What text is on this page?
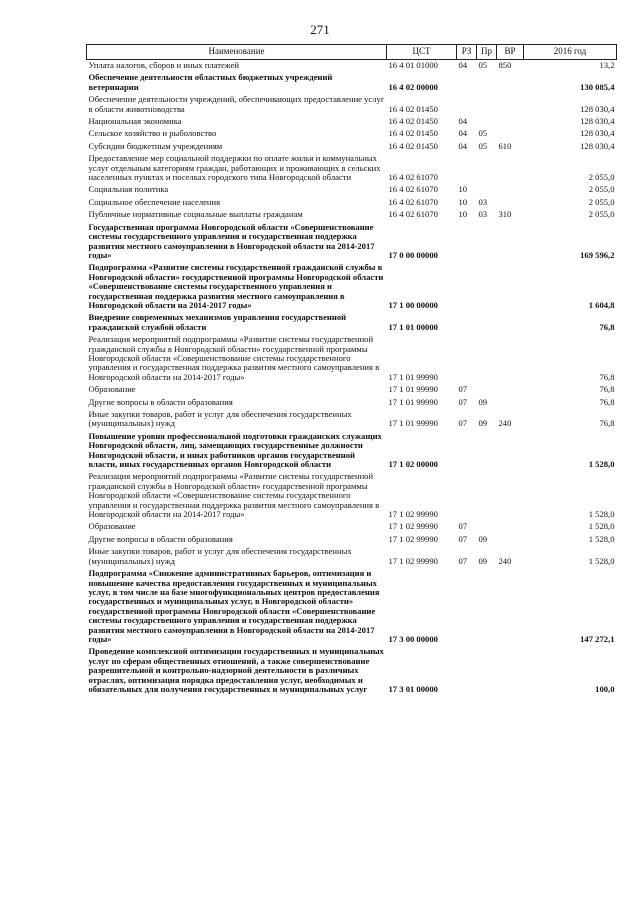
271
Наименование	ЦСТ	РЗ	Пр	ВР	2016 год
Уплата налогов, сборов и иных платежей	16 4 01 01000	04	05	850	13,2
Обеспечение деятельности областных бюджетных учреждений ветеринарии	16 4 02 00000				130 085,4
Обеспечение деятельности учреждений, обеспечивающих предоставление услуг в области животноводства	16 4 02 01450				128 030,4
Национальная экономика	16 4 02 01450	04			128 030,4
Сельское хозяйство и рыболовство	16 4 02 01450	04	05		128 030,4
Субсидии бюджетным учреждениям	16 4 02 01450	04	05	610	128 030,4
Предоставление мер социальной поддержки по оплате жилья и коммунальных услуг отдельным категориям граждан, работающих и проживающих в сельских населенных пунктах и поселках городского типа Новгородской области	16 4 02 61070				2 055,0
Социальная политика	16 4 02 61070	10			2 055,0
Социальное обеспечение населения	16 4 02 61070	10	03		2 055,0
Публичные нормативные социальные выплаты гражданам	16 4 02 61070	10	03	310	2 055,0
Государственная программа Новгородской области «Совершенствование системы государственного управления и государственная поддержка развития местного самоуправления в Новгородской области на 2014-2017 годы»	17 0 00 00000				169 596,2
Подпрограмма «Развитие системы государственной гражданской службы в Новгородской области» государственной программы Новгородской области «Совершенствование системы государственного управления и государственная поддержка развития местного самоуправления в Новгородской области на 2014-2017 годы»	17 1 00 00000				1 604,8
Внедрение современных механизмов управления государственной гражданской службой области	17 1 01 00000				76,8
Реализация мероприятий подпрограммы «Развитие системы государственной гражданской службы в Новгородской области» государственной программы Новгородской области «Совершенствование системы государственного управления и государственная поддержка развития местного самоуправления в Новгородской области на 2014-2017 годы»	17 1 01 99990				76,8
Образование	17 1 01 99990	07			76,8
Другие вопросы в области образования	17 1 01 99990	07	09		76,8
Иные закупки товаров, работ и услуг для обеспечения государственных (муниципальных) нужд	17 1 01 99990	07	09	240	76,8
Повышение уровня профессиональной подготовки гражданских служащих Новгородской области, лиц, замещающих государственные должности Новгородской области, и иных работников органов государственной власти, иных государственных органов Новгородской области	17 1 02 00000				1 528,0
Реализация мероприятий подпрограммы «Развитие системы государственной гражданской службы в Новгородской области» государственной программы Новгородской области «Совершенствование системы государственного управления и государственная поддержка развития местного самоуправления в Новгородской области на 2014-2017 годы»	17 1 02 99990				1 528,0
Образование	17 1 02 99990	07			1 528,0
Другие вопросы в области образования	17 1 02 99990	07	09		1 528,0
Иные закупки товаров, работ и услуг для обеспечения государственных (муниципальных) нужд	17 1 02 99990	07	09	240	1 528,0
Подпрограмма «Снижение административных барьеров, оптимизация и повышение качества предоставления государственных и муниципальных услуг, в том числе на базе многофункциональных центров предоставления государственных и муниципальных услуг, в Новгородской области» государственной программы Новгородской области «Совершенствование системы государственного управления и государственная поддержка развития местного самоуправления в Новгородской области на 2014-2017 годы»	17 3 00 00000				147 272,1
Проведение комплексной оптимизации государственных и муниципальных услуг по сферам общественных отношений, а также совершенствование разрешительной и контрольно-надзорной деятельности в различных отраслях, оптимизация порядка предоставления услуг, необходимых и обязательных для получения государственных и муниципальных услуг	17 3 01 00000				100,0
